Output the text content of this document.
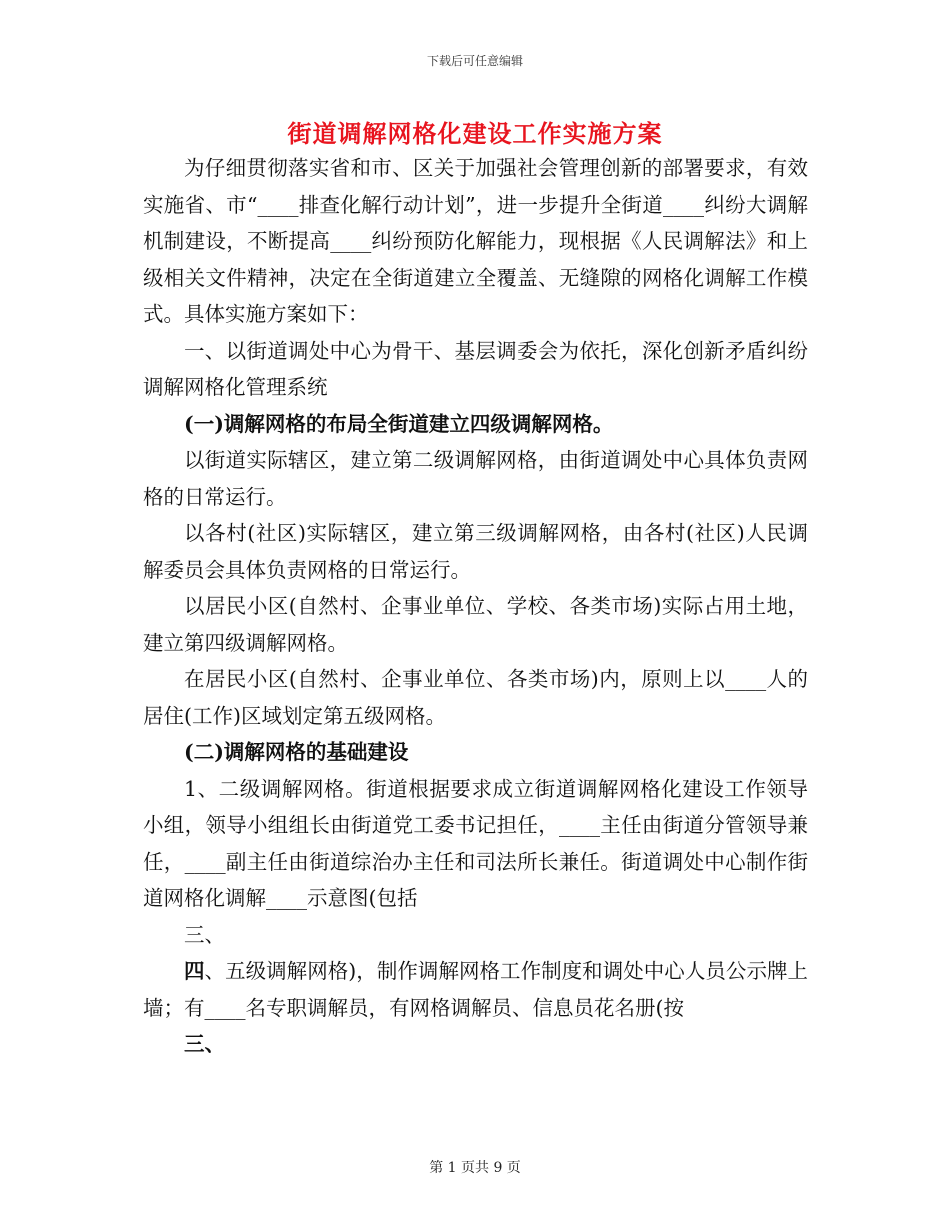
下载后可任意编辑
街道调解网格化建设工作实施方案

为仔细贯彻落实省和市、区关于加强社会管理创新的部署要求，有效实施省、市“____排查化解行动计划”，进一步提升全街道____纠纷大调解机制建设，不断提高____纠纷预防化解能力，现根据《人民调解法》和上级相关文件精神，决定在全街道建立全覆盖、无缝隙的网格化调解工作模式。具体实施方案如下：

一、以街道调处中心为骨干、基层调委会为依托，深化创新矛盾纠纷调解网格化管理系统

(一)调解网格的布局全街道建立四级调解网格。

以街道实际辖区，建立第二级调解网格，由街道调处中心具体负责网格的日常运行。

以各村(社区)实际辖区，建立第三级调解网格，由各村(社区)人民调解委员会具体负责网格的日常运行。

以居民小区(自然村、企事业单位、学校、各类市场)实际占用土地，建立第四级调解网格。

在居民小区(自然村、企事业单位、各类市场)内，原则上以____人的居住(工作)区域划定第五级网格。

(二)调解网格的基础建设

1、二级调解网格。街道根据要求成立街道调解网格化建设工作领导小组，领导小组组长由街道党工委书记担任，____主任由街道分管领导兼任，____副主任由街道综治办主任和司法所长兼任。街道调处中心制作街道网格化调解____示意图(包括

三、

四、五级调解网格)，制作调解网格工作制度和调处中心人员公示牌上墙；有____名专职调解员，有网格调解员、信息员花名册(按

三、

第 1 页共 9 页
